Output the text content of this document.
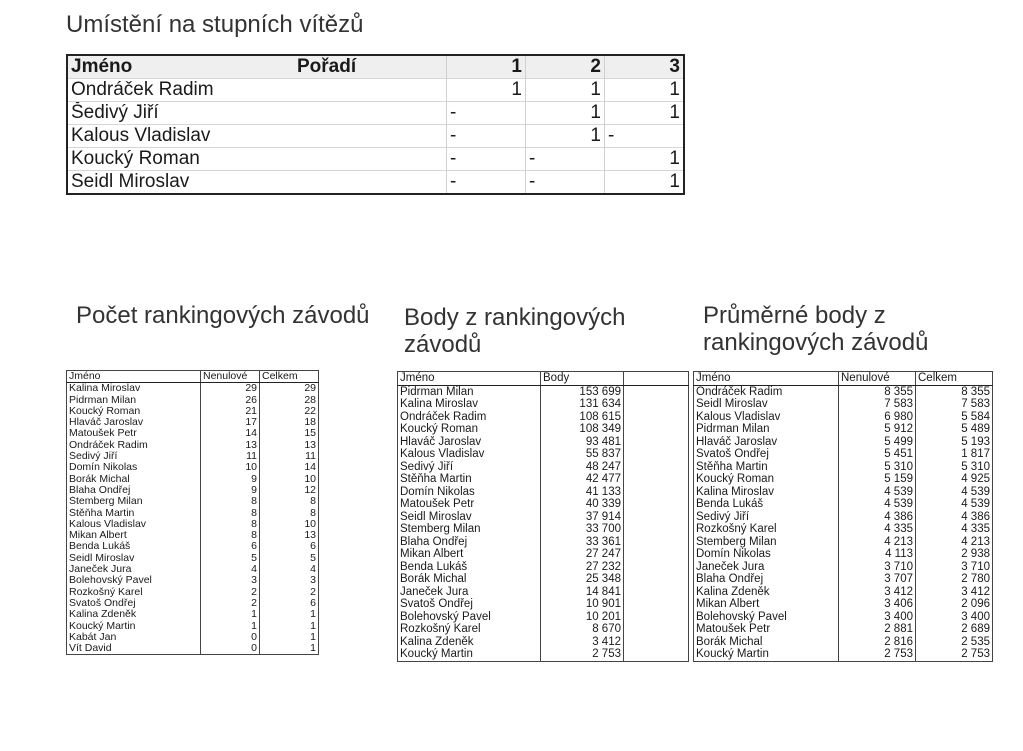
Umístění na stupních vítězů
Jméno	Pořadí	1	2	3
Ondráček Radim		1	1	1
Šedivý Jiří		-	1	1
Kalous Vladislav		-	1	-
Koucký Roman		-	-	1
Seidl Miroslav		-	-	1
Počet rankingových závodů
Jméno	Nenulové	Celkem
Kalina Miroslav	29	29
Pidrman Milan	26	28
Koucký Roman	21	22
Hlaváč Jaroslav	17	18
Matoušek Petr	14	15
Ondráček Radim	13	13
Šedivý Jiří	11	11
Domín Nikolas	10	14
Borák Michal	9	10
Blaha Ondřej	9	12
Štemberg Milan	8	8
Štěňha Martin	8	8
Kalous Vladislav	8	10
Mikan Albert	8	13
Benda Lukáš	6	6
Seidl Miroslav	5	5
Janeček Jura	4	4
Bolehovský Pavel	3	3
Rozkošný Karel	2	2
Svatoš Ondřej	2	6
Kalina Zdeněk	1	1
Koucký Martin	1	1
Kabát Jan	0	1
Vít David	0	1
Body z rankingových závodů
Jméno	Body	
Pidrman Milan	153 699	
Kalina Miroslav	131 634	
Ondráček Radim	108 615	
Koucký Roman	108 349	
Hlaváč Jaroslav	93 481	
Kalous Vladislav	55 837	
Šedivý Jiří	48 247	
Štěňha Martin	42 477	
Domín Nikolas	41 133	
Matoušek Petr	40 339	
Seidl Miroslav	37 914	
Štemberg Milan	33 700	
Blaha Ondřej	33 361	
Mikan Albert	27 247	
Benda Lukáš	27 232	
Borák Michal	25 348	
Janeček Jura	14 841	
Svatoš Ondřej	10 901	
Bolehovský Pavel	10 201	
Rozkošný Karel	8 670	
Kalina Zdeněk	3 412	
Koucký Martin	2 753	
Průměrné body z rankingových závodů
Jméno	Nenulové	Celkem
Ondráček Radim	8 355	8 355
Seidl Miroslav	7 583	7 583
Kalous Vladislav	6 980	5 584
Pidrman Milan	5 912	5 489
Hlaváč Jaroslav	5 499	5 193
Svatoš Ondřej	5 451	1 817
Štěňha Martin	5 310	5 310
Koucký Roman	5 159	4 925
Kalina Miroslav	4 539	4 539
Benda Lukáš	4 539	4 539
Šedivý Jiří	4 386	4 386
Rozkošný Karel	4 335	4 335
Štemberg Milan	4 213	4 213
Domín Nikolas	4 113	2 938
Janeček Jura	3 710	3 710
Blaha Ondřej	3 707	2 780
Kalina Zdeněk	3 412	3 412
Mikan Albert	3 406	2 096
Bolehovský Pavel	3 400	3 400
Matoušek Petr	2 881	2 689
Borák Michal	2 816	2 535
Koucký Martin	2 753	2 753
